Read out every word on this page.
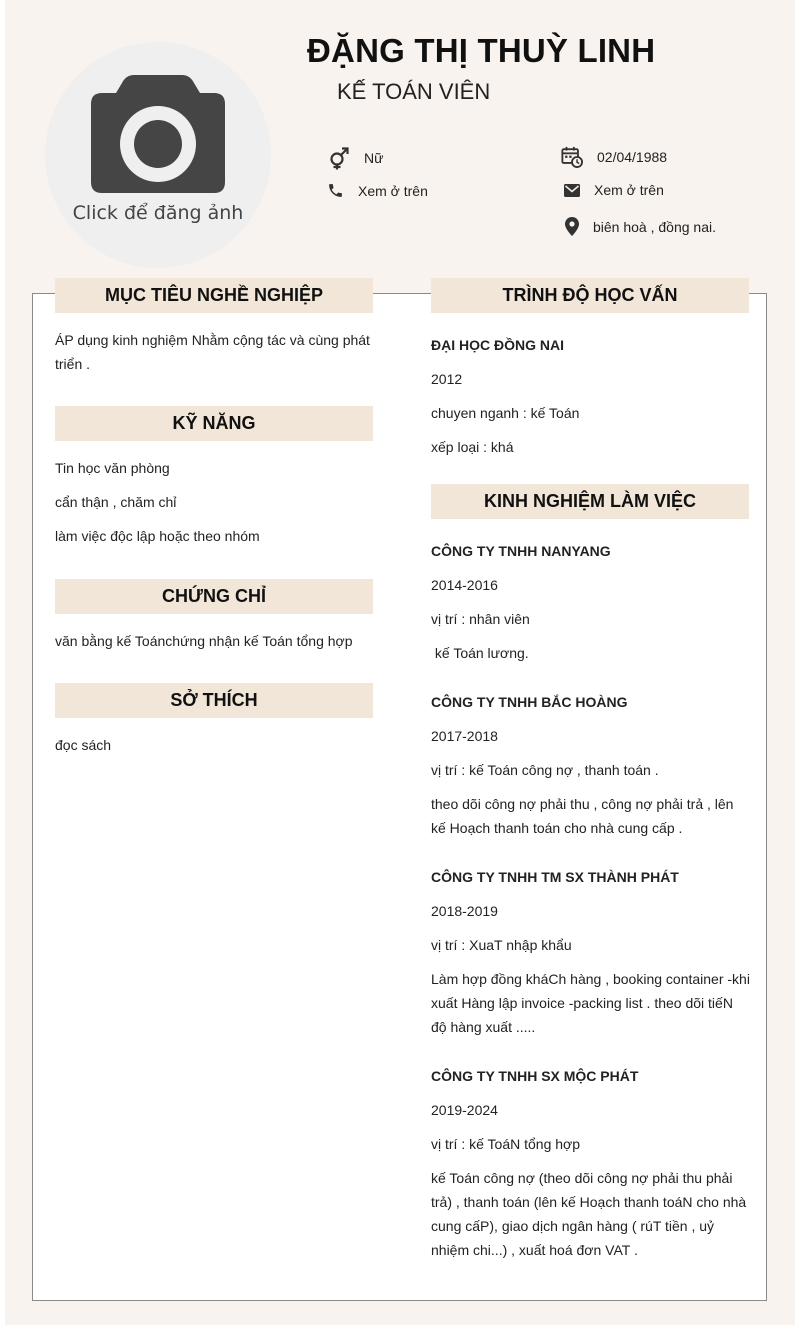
Click để đăng ảnh
ĐẶNG THỊ THUỲ LINH
KẾ TOÁN VIÊN
Nữ
Xem ở trên
02/04/1988
Xem ở trên
biên hoà , đồng nai.
MỤC TIÊU NGHỀ NGHIỆP
ÁP dụng kinh nghiệm Nhằm cộng tác và cùng phát triển .
KỸ NĂNG
Tin học văn phòng
cẩn thận , chăm chỉ
làm việc độc lập hoặc theo nhóm
CHỨNG CHỈ
văn bằng kế Toánchứng nhận kế Toán tổng hợp
SỞ THÍCH
đọc sách
TRÌNH ĐỘ HỌC VẤN
ĐẠI HỌC ĐỒNG NAI
2012
chuyen nganh : kế Toán
xếp loại : khá
KINH NGHIỆM LÀM VIỆC
CÔNG TY TNHH NANYANG
2014-2016
vị trí : nhân viên
kế Toán lương.
CÔNG TY TNHH BẮC HOÀNG
2017-2018
vị trí : kế Toán công nợ , thanh toán .
theo dõi công nợ phải thu , công nợ phải trả , lên kế Hoạch thanh toán cho nhà cung cấp .
CÔNG TY TNHH TM SX THÀNH PHÁT
2018-2019
vị trí : XuaT nhập khẩu
Làm hợp đồng kháCh hàng , booking container -khi xuất Hàng lập invoice -packing list . theo dõi tiếN độ hàng xuất .....
CÔNG TY TNHH SX MỘC PHÁT
2019-2024
vị trí : kế ToáN tổng hợp
kế Toán công nợ (theo dõi công nợ phải thu phải trả) , thanh toán (lên kế Hoạch thanh toáN cho nhà cung cấP), giao dịch ngân hàng ( rúT tiền , uỷ nhiệm chi...) , xuất hoá đơn VAT .
